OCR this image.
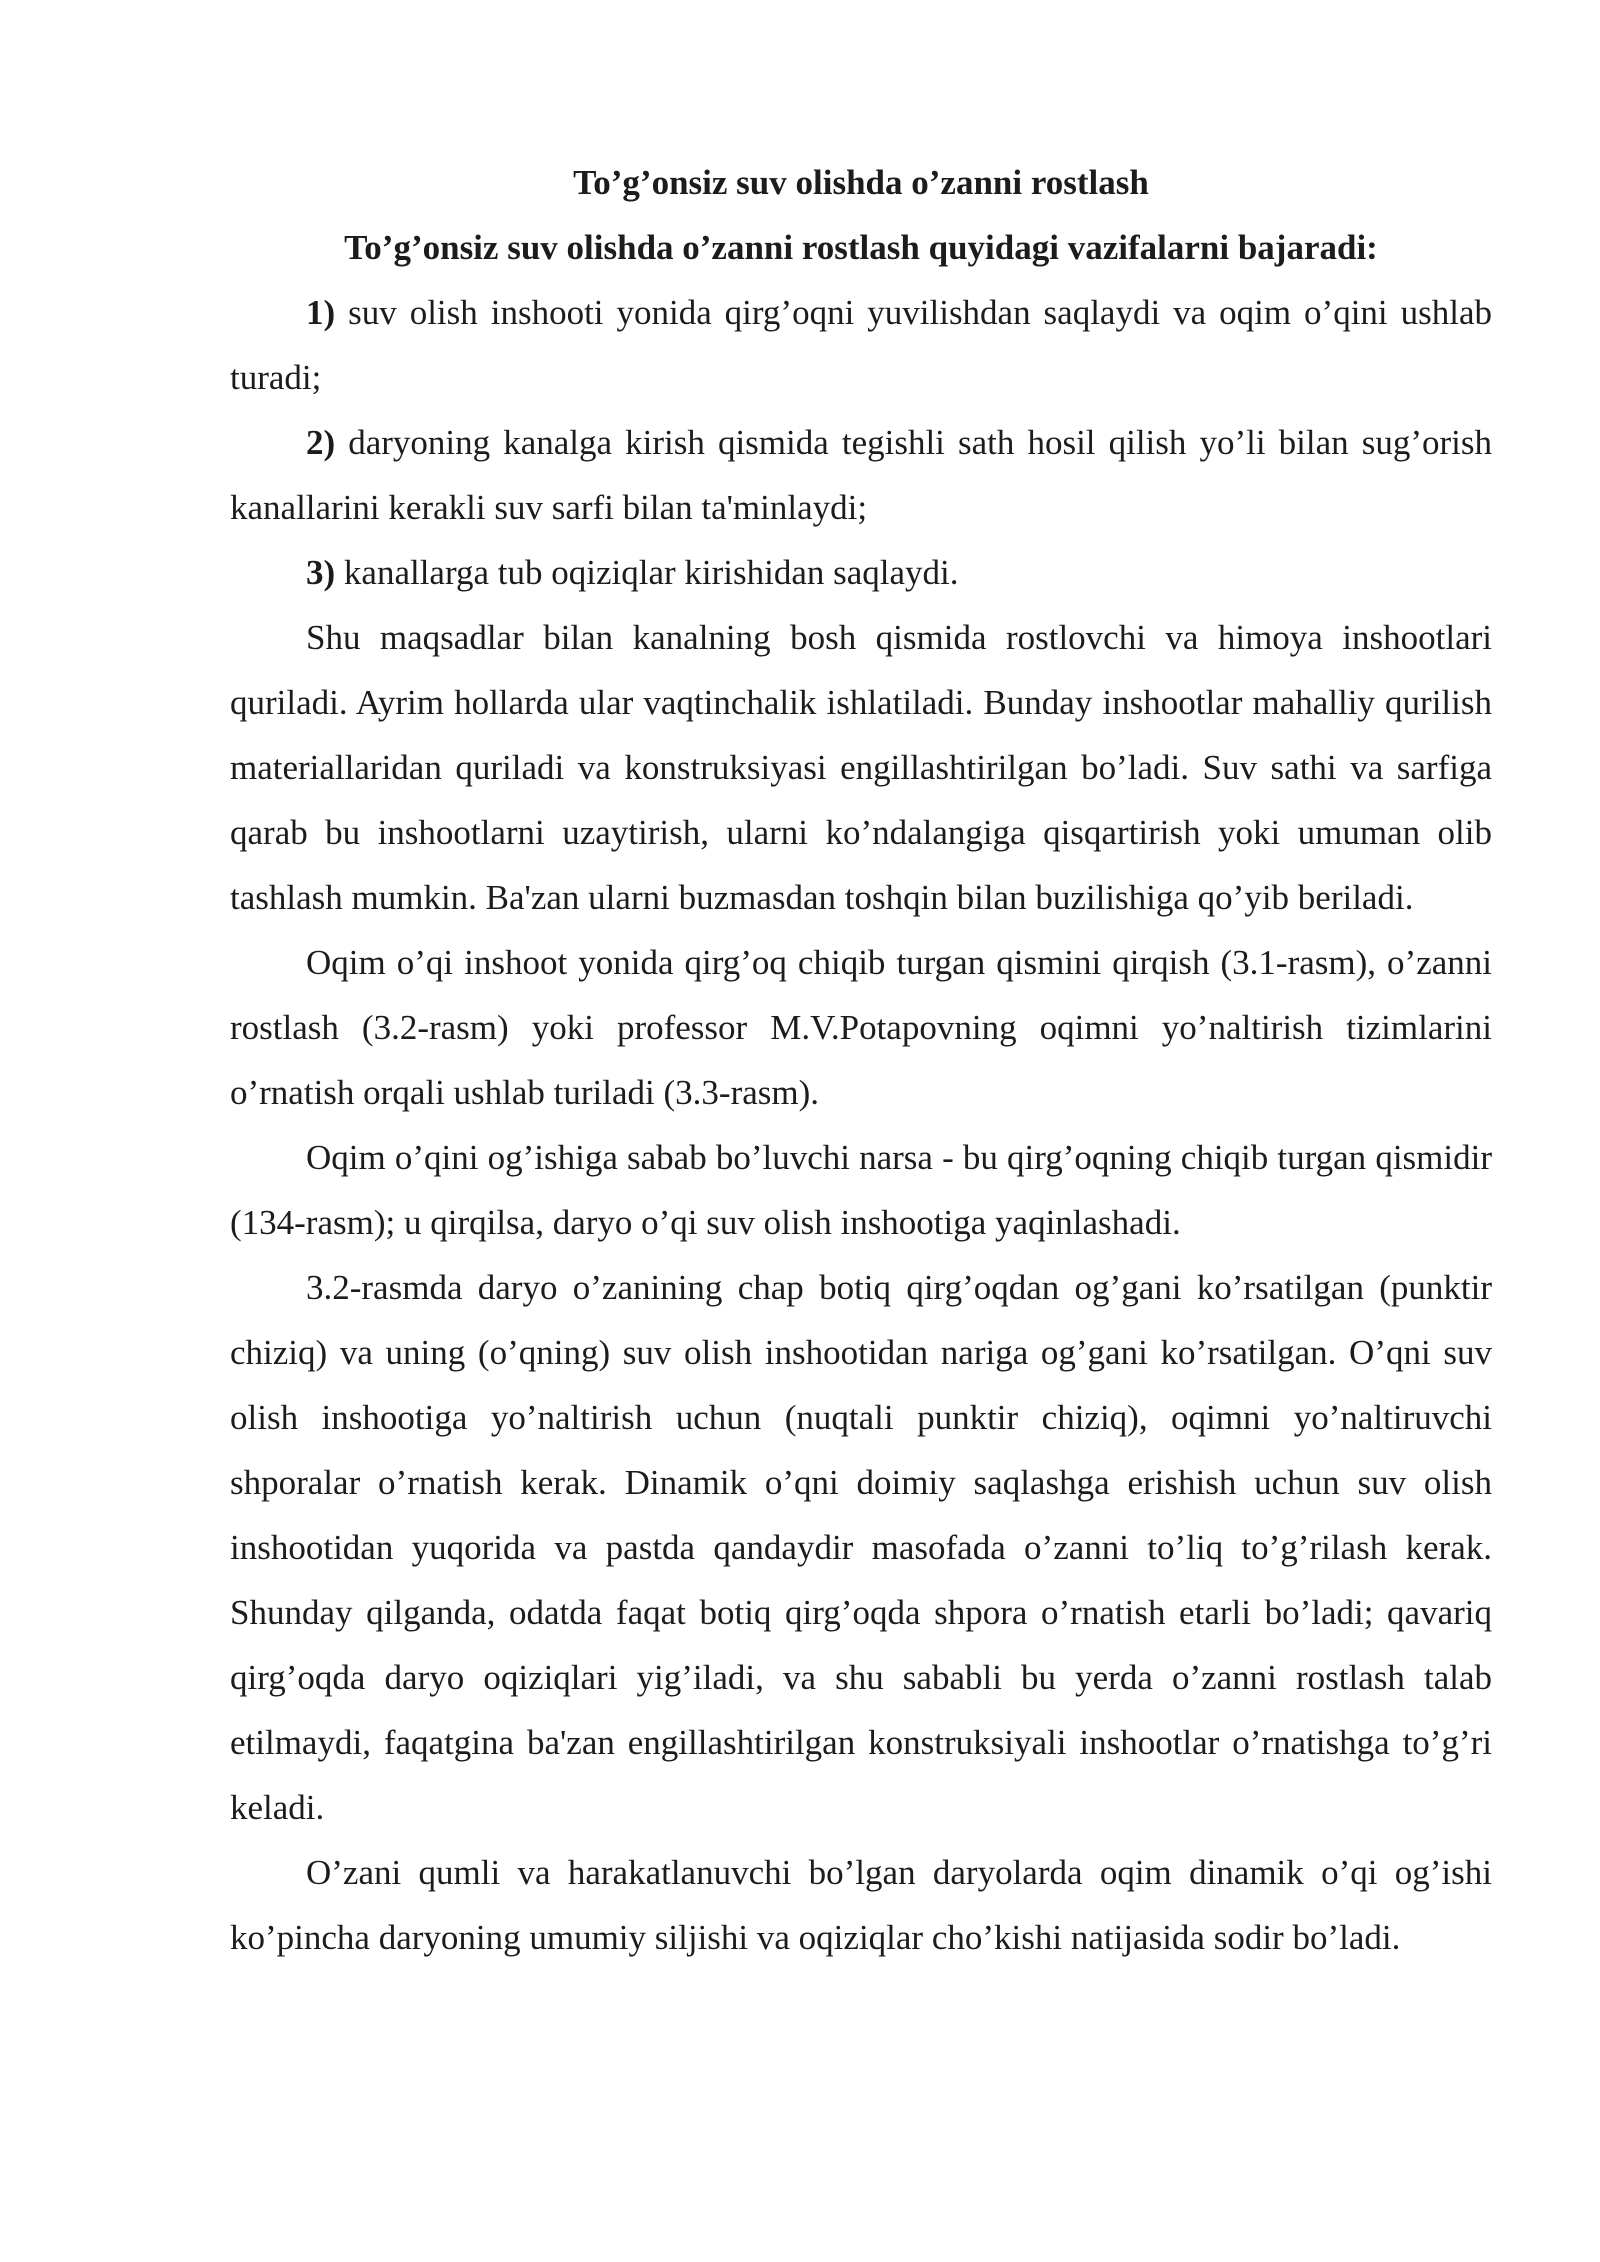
To’g’onsiz suv olishda o’zanni rostlash

To’g’onsiz suv olishda o’zanni rostlash quyidagi vazifalarni bajaradi:

1) suv olish inshooti yonida qirg’oqni yuvilishdan saqlaydi va oqim o’qini ushlab turadi;

2) daryoning kanalga kirish qismida tegishli sath hosil qilish yo’li bilan sug’orish kanallarini kerakli suv sarfi bilan ta'minlaydi;

3) kanallarga tub oqiziqlar kirishidan saqlaydi.

Shu maqsadlar bilan kanalning bosh qismida rostlovchi va himoya inshootlari quriladi. Ayrim hollarda ular vaqtinchalik ishlatiladi. Bunday inshootlar mahalliy qurilish materiallaridan quriladi va konstruksiyasi engillashtirilgan bo’ladi. Suv sathi va sarfiga qarab bu inshootlarni uzaytirish, ularni ko’ndalangiga qisqartirish yoki umuman olib tashlash mumkin. Ba'zan ularni buzmasdan toshqin bilan buzilishiga qo’yib beriladi.

Oqim o’qi inshoot yonida qirg’oq chiqib turgan qismini qirqish (3.1-rasm), o’zanni rostlash (3.2-rasm) yoki professor M.V.Potapovning oqimni yo’naltirish tizimlarini o’rnatish orqali ushlab turiladi (3.3-rasm).

Oqim o’qini og’ishiga sabab bo’luvchi narsa - bu qirg’oqning chiqib turgan qismidir (134-rasm); u qirqilsa, daryo o’qi suv olish inshootiga yaqinlashadi.

3.2-rasmda daryo o’zanining chap botiq qirg’oqdan og’gani ko’rsatilgan (punktir chiziq) va uning (o’qning) suv olish inshootidan nariga og’gani ko’rsatilgan. O’qni suv olish inshootiga yo’naltirish uchun (nuqtali punktir chiziq), oqimni yo’naltiruvchi shporalar o’rnatish kerak. Dinamik o’qni doimiy saqlashga erishish uchun suv olish inshootidan yuqorida va pastda qandaydir masofada o’zanni to’liq to’g’rilash kerak. Shunday qilganda, odatda faqat botiq qirg’oqda shpora o’rnatish etarli bo’ladi; qavariq qirg’oqda daryo oqiziqlari yig’iladi, va shu sababli bu yerda o’zanni rostlash talab etilmaydi, faqatgina ba'zan engillashtirilgan konstruksiyali inshootlar o’rnatishga to’g’ri keladi.

O’zani qumli va harakatlanuvchi bo’lgan daryolarda oqim dinamik o’qi og’ishi ko’pincha daryoning umumiy siljishi va oqiziqlar cho’kishi natijasida sodir bo’ladi.
